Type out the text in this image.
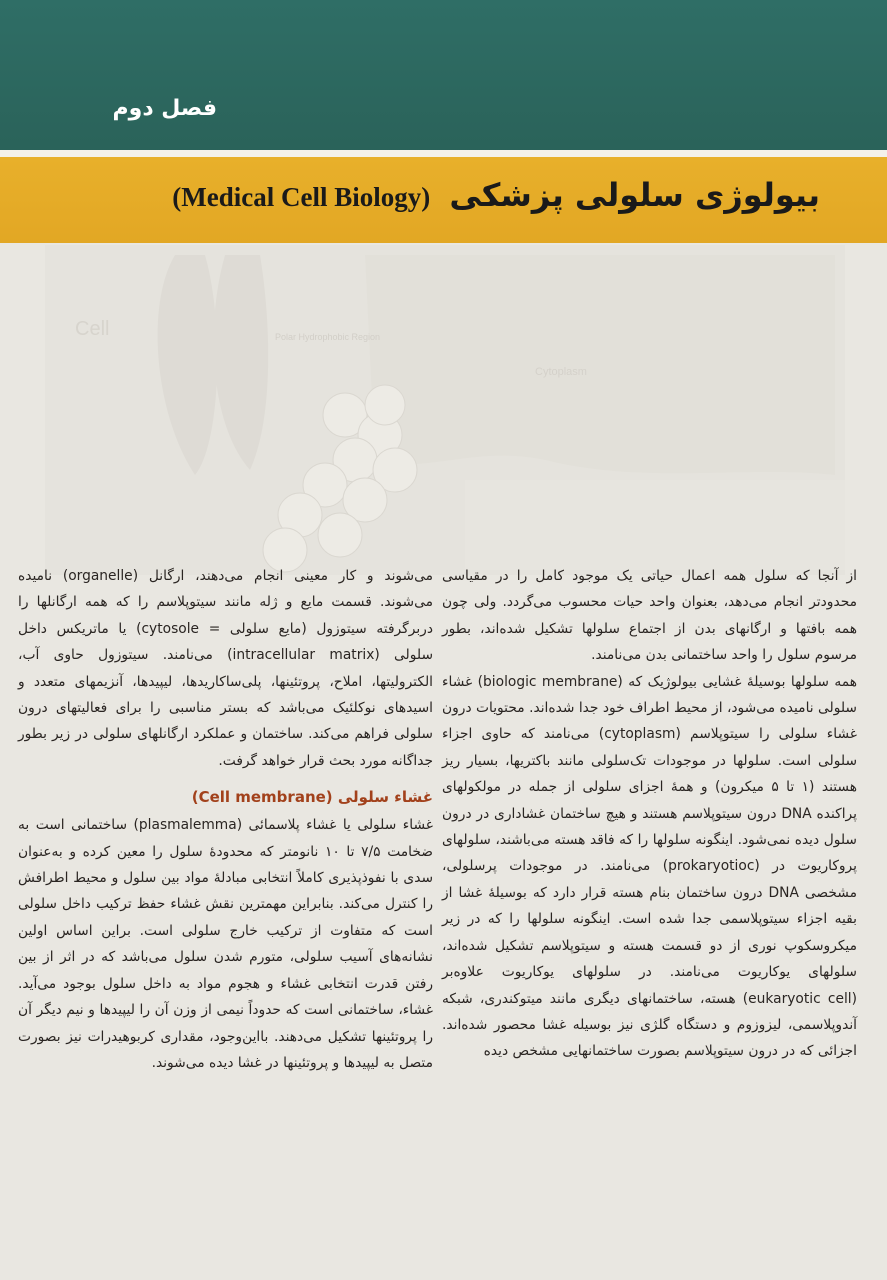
فصل دوم
بیولوژی سلولی پزشکی (Medical Cell Biology)
Cell	Polar Hydrophobic Region
Cytoplasm

از آنجا که سلول همه اعمال حیاتی یک موجود کامل را در مقیاسی محدودتر انجام می‌دهد، بعنوان واحد حیات محسوب می‌گردد. ولی چون همه بافتها و ارگانهای بدن از اجتماع سلولها تشکیل شده‌اند، بطور مرسوم سلول را واحد ساختمانی بدن می‌نامند.

همه سلولها بوسیلهٔ غشایی بیولوژیک که (biologic membrane) غشاء سلولی نامیده می‌شود، از محیط اطراف خود جدا شده‌اند. محتویات درون غشاء سلولی را سیتوپلاسم (cytoplasm) می‌نامند که حاوی اجزاء سلولی است. سلولها در موجودات تک‌سلولی مانند باکتریها، بسیار ریز هستند (۱ تا ۵ میکرون) و همهٔ اجزای سلولی از جمله در مولکولهای پراکنده DNA درون سیتوپلاسم هستند و هیچ ساختمان غشاداری در درون سلول دیده نمی‌شود. اینگونه سلولها را که فاقد هسته می‌باشند، سلولهای پروکاریوت در (prokaryotioc) می‌نامند. در موجودات پرسلولی، مشخصی DNA درون ساختمان بنام هسته قرار دارد که بوسیلهٔ غشا از بقیه اجزاء سیتوپلاسمی جدا شده است. اینگونه سلولها را که در زیر میکروسکوپ نوری از دو قسمت هسته و سیتوپلاسم تشکیل شده‌اند، سلولهای یوکاریوت می‌نامند. در سلولهای یوکاریوت علاوه‌بر (eukaryotic cell) هسته، ساختمانهای دیگری مانند میتوکندری، شبکه آندوپلاسمی، لیزوزوم و دستگاه گلژی نیز بوسیله غشا محصور شده‌اند. اجزائی که در درون سیتوپلاسم بصورت ساختمانهایی مشخص دیده

می‌شوند و کار معینی انجام می‌دهند، ارگانل (organelle) نامیده می‌شوند. قسمت مایع و ژله مانند سیتوپلاسم را که همه ارگانلها را دربرگرفته سیتوزول (مایع سلولی = cytosole) یا ماتریکس داخل سلولی (intracellular matrix) می‌نامند. سیتوزول حاوی آب، الکترولیتها، املاح، پروتئینها، پلی‌ساکاریدها، لیپیدها، آنزیمهای متعدد و اسیدهای نوکلئیک می‌باشد که بستر مناسبی را برای فعالیتهای درون سلولی فراهم می‌کند. ساختمان و عملکرد ارگانلهای سلولی در زیر بطور جداگانه مورد بحث قرار خواهد گرفت.

غشاء سلولی (Cell membrane)

غشاء سلولی یا غشاء پلاسمائی (plasmalemma) ساختمانی است به ضخامت ۷/۵ تا ۱۰ نانومتر که محدودهٔ سلول را معین کرده و به‌عنوان سدی با نفوذپذیری کاملاً انتخابی مبادلهٔ مواد بین سلول و محیط اطرافش را کنترل می‌کند. بنابراین مهمترین نقش غشاء حفظ ترکیب داخل سلولی است که متفاوت از ترکیب خارج سلولی است. براین اساس اولین نشانه‌های آسیب سلولی، متورم شدن سلول می‌باشد که در اثر از بین رفتن قدرت انتخابی غشاء و هجوم مواد به داخل سلول بوجود می‌آید. غشاء، ساختمانی است که حدوداً نیمی از وزن آن را لیپیدها و نیم دیگر آن را پروتئینها تشکیل می‌دهند. بااین‌وجود، مقداری کربوهیدرات نیز بصورت متصل به لیپیدها و پروتئینها در غشا دیده می‌شوند.
